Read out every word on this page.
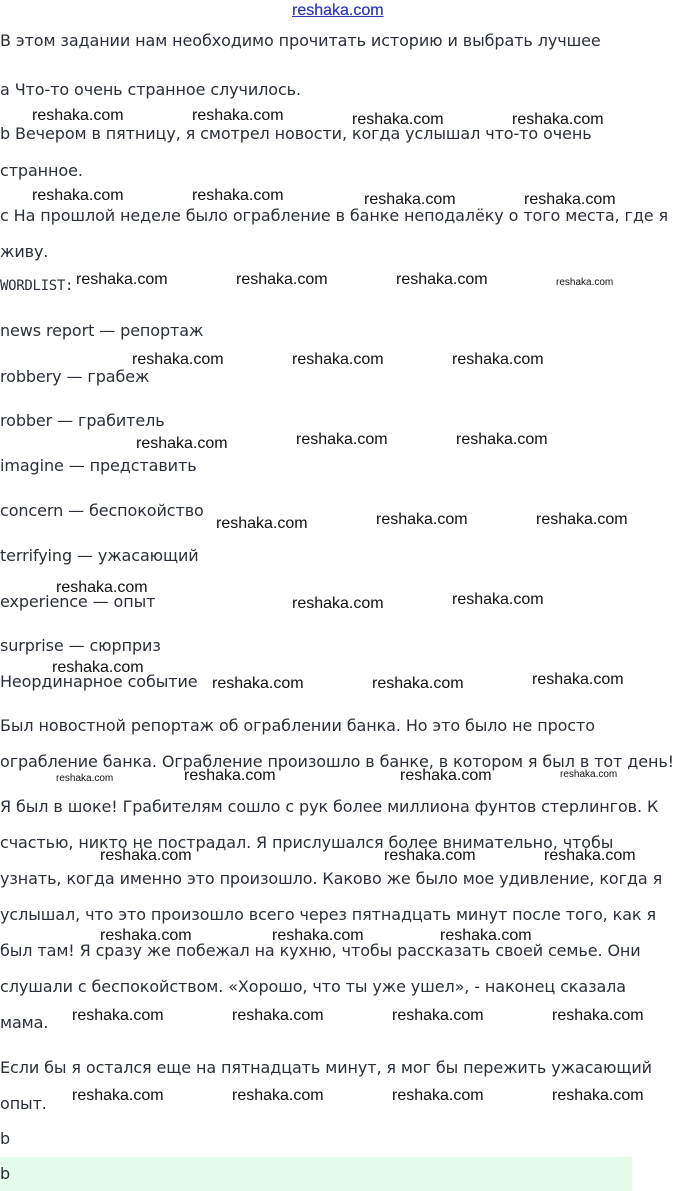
reshaka.com
В этом задании нам необходимо прочитать историю и выбрать лучшее
a Что-то очень странное случилось.
b Вечером в пятницу, я смотрел новости, когда услышал что-то очень
странное.
c На прошлой неделе было ограбление в банке неподалёку о того места, где я
живу.
WORDLIST:
news report — репортаж
robbery — грабеж
robber — грабитель
imagine — представить
concern — беспокойство
terrifying — ужасающий
experience — опыт
surprise — сюрприз
Неординарное событие
Был новостной репортаж об ограблении банка. Но это было не просто
ограбление банка. Ограбление произошло в банке, в котором я был в тот день!
Я был в шоке! Грабителям сошло с рук более миллиона фунтов стерлингов. К
счастью, никто не пострадал. Я прислушался более внимательно, чтобы
узнать, когда именно это произошло. Каково же было мое удивление, когда я
услышал, что это произошло всего через пятнадцать минут после того, как я
был там! Я сразу же побежал на кухню, чтобы рассказать своей семье. Они
слушали с беспокойством. «Хорошо, что ты уже ушел», - наконец сказала
мама.
Если бы я остался еще на пятнадцать минут, я мог бы пережить ужасающий
опыт.
b
b
reshaka.com	reshaka.com	reshaka.com	reshaka.com
reshaka.com	reshaka.com	reshaka.com	reshaka.com
reshaka.com	reshaka.com	reshaka.com	reshaka.com
reshaka.com	reshaka.com	reshaka.com
reshaka.com	reshaka.com	reshaka.com
reshaka.com	reshaka.com	reshaka.com
reshaka.com
reshaka.com	reshaka.com
reshaka.com
reshaka.com	reshaka.com	reshaka.com
reshaka.com	reshaka.com	reshaka.com	reshaka.com
reshaka.com	reshaka.com	reshaka.com
reshaka.com	reshaka.com	reshaka.com
reshaka.com	reshaka.com	reshaka.com	reshaka.com
reshaka.com	reshaka.com	reshaka.com	reshaka.com
